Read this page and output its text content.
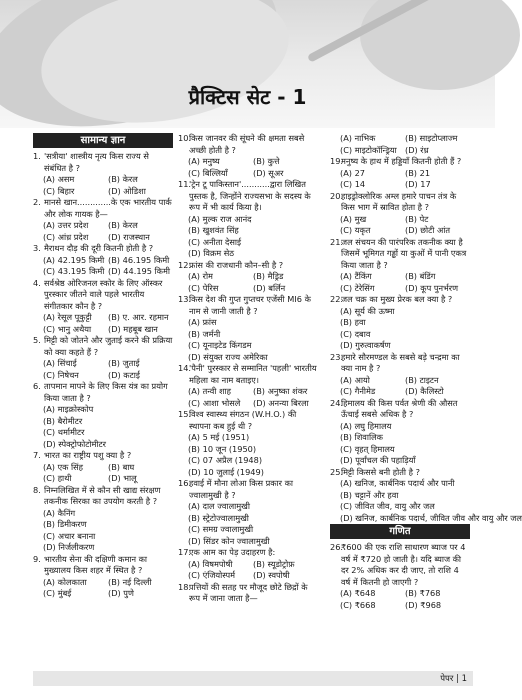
प्रैक्टिस सेट - 1
सामान्य ज्ञान
1. 'सत्रीया' शास्त्रीय नृत्य किस राज्य से संबंधित है ?
(A) असम	(B) केरल
(C) बिहार	(D) ओडिशा
2. मानसे खान.............के एक भारतीय पार्क और लोक गायक है—
(A) उत्तर प्रदेश	(B) केरल
(C) आंध्र प्रदेश	(D) राजस्थान
3. मैराथन दौड़ की दूरी कितनी होती है ?
(A) 42.195 किमी (B) 46.195 किमी
(C) 43.195 किमी (D) 44.195 किमी
4. सर्वश्रेष्ठ ओरिजनल स्कोर के लिए ऑस्कर पुरस्कार जीतने वाले पहले भारतीय संगीतकार कौन है ?
(A) रेसूल पूकुट्टी	(B) ए. आर. रहमान
(C) भानु अथैया	(D) महबूब खान
5. मिट्टी को जोतने और जुताई करने की प्रक्रिया को क्या कहते हैं ?
(A) सिंचाई	(B) जुताई
(C) निषेचन	(D) कटाई
6. तापमान मापने के लिए किस यंत्र का प्रयोग किया जाता है ?
(A) माइक्रोस्कोप
(B) बैरोमीटर
(C) थर्मामीटर
(D) स्पेक्ट्रोफोटोमीटर
7. भारत का राष्ट्रीय पशु क्या है ?
(A) एक सिंह	(B) बाघ
(C) हाथी	(D) भालू
8. निम्नलिखित में से कौन सी खाद्य संरक्षण तकनीक सिरका का उपयोग करती है ?
(A) कैनिंग
(B) डिमीकरण
(C) अचार बनाना
(D) निर्जलीकरण
9. भारतीय सेना की दक्षिणी कमान का मुख्यालय किस शहर में स्थित है ?
(A) कोलकाता	(B) नई दिल्ली
(C) मुंबई	(D) पुणे
10.
किस जानवर की सूंघने की क्षमता सबसे अच्छी होती है ?
(A) मनुष्य	(B) कुत्ते
(C) बिल्लियाँ	(D) सूअर
11.
'ट्रेन टू पाकिस्तान'...........द्वारा लिखित पुस्तक है, जिन्होंने राज्यसभा के सदस्य के रूप में भी कार्य किया है।
(A) मुल्क राज आनंद
(B) खुशवंत सिंह
(C) अनीता देसाई
(D) विक्रम सेठ
12.
फ्रांस की राजधानी कौन–सी है ?
(A) रोम	(B) मैड्रिड
(C) पेरिस	(D) बर्लिन
13.
किस देश की गुप्त गुप्तचर एजेंसी MI6 के नाम से जानी जाती है ?
(A) फ्रांस
(B) जर्मनी
(C) यूनाइटेड किंगडम
(D) संयुक्त राज्य अमेरिका
14.
'पैनी' पुरस्कार से सम्मानित 'पहली' भारतीय महिला का नाम बताइए।
(A) तन्वी शाह	(B) अनुष्का शंकर
(C) आशा भोसले	(D) अनन्या बिरला
15.
विश्व स्वास्थ्य संगठन (W.H.O.) की स्थापना कब हुई थी ?
(A) 5 मई (1951)
(B) 10 जून (1950)
(C) 07 अप्रैल (1948)
(D) 10 जुलाई (1949)
16.
हवाई में मौना लोआ किस प्रकार का ज्वालामुखी है ?
(A) दाल ज्वालामुखी
(B) स्ट्रेटोज्वालामुखी
(C) समग्र ज्वालामुखी
(D) सिंडर कोन ज्वालामुखी
17.
एक आम का पेड़ उदाहरण है:
(A) विषमपोषी	(B) स्यूडोट्रोफ़
(C) एंजियोस्पर्म	(D) स्वपोषी
18.
पत्तियों की सतह पर मौजूद छोटे छिद्रों के रूप में जाना जाता है—
(A) नाभिक	(B) साइटोप्लाज्म
(C) माइटोकॉन्ड्रिया	(D) रंध्र
19.
मनुष्य के हाथ में हड्डियाँ कितनी होती हैं ?
(A) 27	(B) 21
(C) 14	(D) 17
20.
हाइड्रोक्लोरिक अम्ल हमारे पाचन तंत्र के किस भाग में स्रावित होता है ?
(A) मुख	(B) पेट
(C) यकृत	(D) छोटी आंत
21.
जल संचयन की पारंपरिक तकनीक क्या है जिसमें भूमिगत गड्ढों या कुओं में पानी एकत्र किया जाता है ?
(A) टैंकिंग	(B) बंडिंग
(C) टेरेसिंग	(D) कूप पुनर्भरण
22.
जल चक्र का मुख्य प्रेरक बल क्या है ?
(A) सूर्य की ऊष्मा
(B) हवा
(C) दबाव
(D) गुरुत्वाकर्षण
23.
हमारे सौरमण्डल के सबसे बड़े चन्द्रमा का क्या नाम है ?
(A) आयो	(B) टाइटन
(C) गैनीमेड	(D) कैलिस्टो
24.
हिमालय की किस पर्वत श्रेणी की औसत ऊँचाई सबसे अधिक है ?
(A) लघु हिमालय
(B) शिवालिक
(C) वृहत् हिमालय
(D) पूर्वांचल की पहाड़ियाँ
25.
मिट्टी किससे बनी होती है ?
(A) खनिज, कार्बनिक पदार्थ और पानी
(B) चट्टानें और हवा
(C) जीवित जीव, वायु और जल
(D) खनिज, कार्बनिक पदार्थ, जीवित जीव और वायु और जल
गणित
26.
₹600 की एक राशि साधारण ब्याज पर 4 वर्ष में ₹720 हो जाती है। यदि ब्याज की दर 2% अधिक कर दी जाए, तो राशि 4 वर्ष में कितनी हो जाएगी ?
(A) ₹648	(B) ₹768
(C) ₹668	(D) ₹968
पेपर | 1
